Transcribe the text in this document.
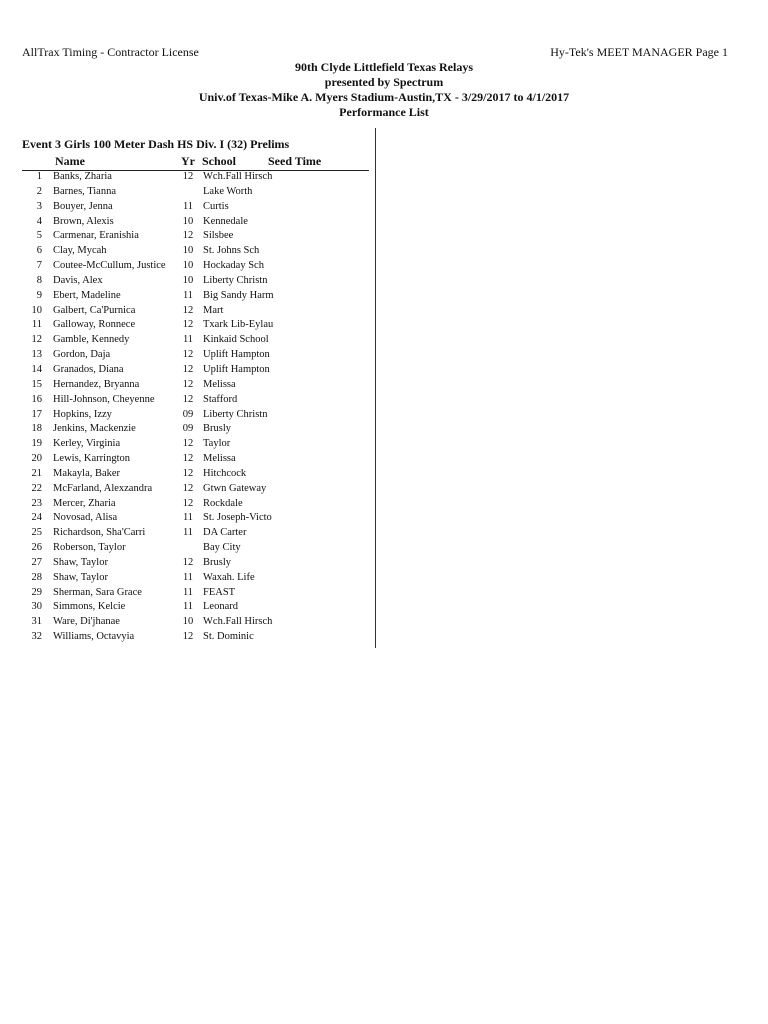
AllTrax Timing - Contractor License	Hy-Tek's MEET MANAGER Page 1
90th Clyde Littlefield Texas Relays
presented by Spectrum
Univ.of Texas-Mike A. Myers Stadium-Austin,TX - 3/29/2017 to 4/1/2017
Performance List
Event 3 Girls 100 Meter Dash HS Div. I (32) Prelims
Name	Yr School	Seed Time
1 Banks, Zharia	12 Wch.Fall Hirsch
2 Barnes, Tianna	Lake Worth
3 Bouyer, Jenna	11 Curtis
4 Brown, Alexis	10 Kennedale
5 Carmenar, Eranishia	12 Silsbee
6 Clay, Mycah	10 St. Johns Sch
7 Coutee-McCullum, Justice	10 Hockaday Sch
8 Davis, Alex	10 Liberty Christn
9 Ebert, Madeline	11 Big Sandy Harm
10 Galbert, Ca'Purnica	12 Mart
11 Galloway, Ronnece	12 Txark Lib-Eylau
12 Gamble, Kennedy	11 Kinkaid School
13 Gordon, Daja	12 Uplift Hampton
14 Granados, Diana	12 Uplift Hampton
15 Hernandez, Bryanna	12 Melissa
16 Hill-Johnson, Cheyenne	12 Stafford
17 Hopkins, Izzy	09 Liberty Christn
18 Jenkins, Mackenzie	09 Brusly
19 Kerley, Virginia	12 Taylor
20 Lewis, Karrington	12 Melissa
21 Makayla, Baker	12 Hitchcock
22 McFarland, Alexzandra	12 Gtwn Gateway
23 Mercer, Zharia	12 Rockdale
24 Novosad, Alisa	11 St. Joseph-Victo
25 Richardson, Sha'Carri	11 DA Carter
26 Roberson, Taylor	Bay City
27 Shaw, Taylor	12 Brusly
28 Shaw, Taylor	11 Waxah. Life
29 Sherman, Sara Grace	11 FEAST
30 Simmons, Kelcie	11 Leonard
31 Ware, Di'jhanae	10 Wch.Fall Hirsch
32 Williams, Octavyia	12 St. Dominic
